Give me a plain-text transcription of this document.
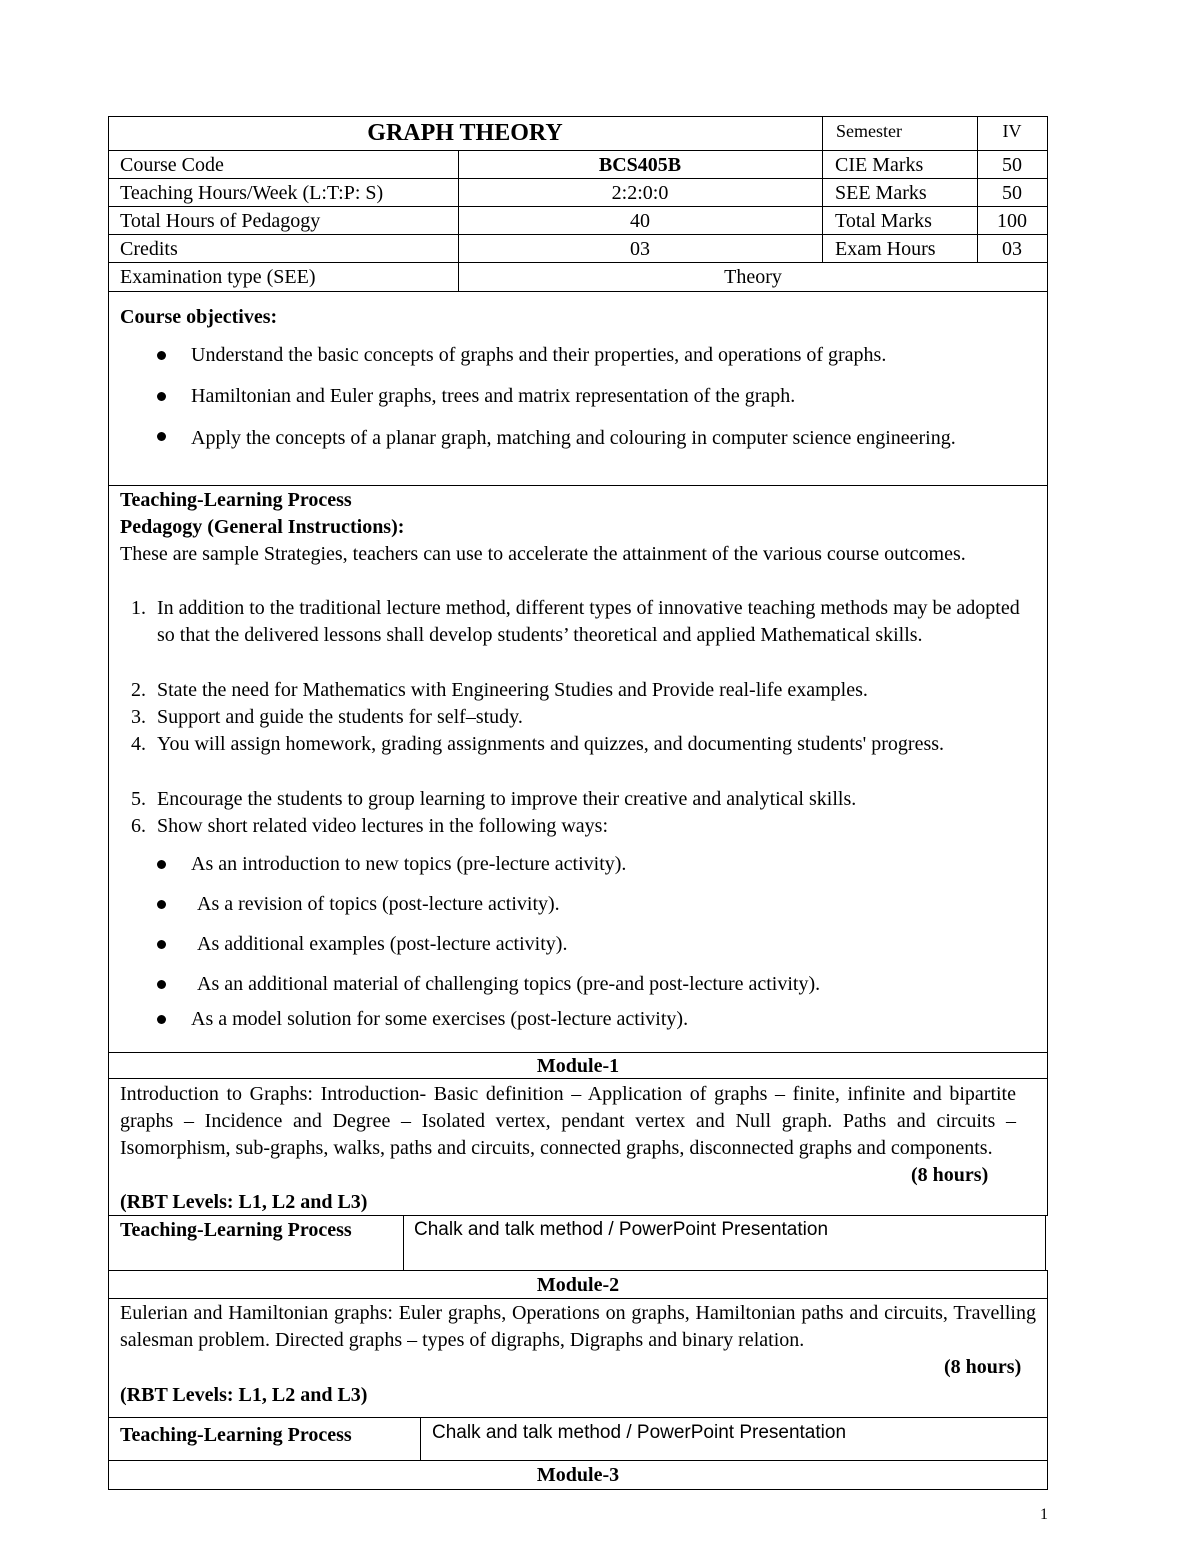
GRAPH THEORY	Semester	IV
Course Code	BCS405B	CIE Marks	50
Teaching Hours/Week (L:T:P: S)	2:2:0:0	SEE Marks	50
Total Hours of Pedagogy	40	Total Marks	100
Credits	03	Exam Hours	03
Examination type (SEE)	Theory
Course objectives:
Understand the basic concepts of graphs and their properties, and operations of graphs.
Hamiltonian and Euler graphs, trees and matrix representation of the graph.
Apply the concepts of a planar graph, matching and colouring in computer science engineering.
Teaching-Learning Process
Pedagogy (General Instructions):
These are sample Strategies, teachers can use to accelerate the attainment of the various course outcomes.
1. In addition to the traditional lecture method, different types of innovative teaching methods may be adopted so that the delivered lessons shall develop students’ theoretical and applied Mathematical skills.
2. State the need for Mathematics with Engineering Studies and Provide real-life examples.
3. Support and guide the students for self–study.
4. You will assign homework, grading assignments and quizzes, and documenting students' progress.
5. Encourage the students to group learning to improve their creative and analytical skills.
6. Show short related video lectures in the following ways:
As an introduction to new topics (pre-lecture activity).
As a revision of topics (post-lecture activity).
As additional examples (post-lecture activity).
As an additional material of challenging topics (pre-and post-lecture activity).
As a model solution for some exercises (post-lecture activity).
Module-1
Introduction to Graphs: Introduction- Basic definition – Application of graphs – finite, infinite and bipartite graphs – Incidence and Degree – Isolated vertex, pendant vertex and Null graph. Paths and circuits – Isomorphism, sub-graphs, walks, paths and circuits, connected graphs, disconnected graphs and components.
(8 hours)
(RBT Levels: L1, L2 and L3)
Teaching-Learning Process	Chalk and talk method / PowerPoint Presentation
Module-2
Eulerian and Hamiltonian graphs: Euler graphs, Operations on graphs, Hamiltonian paths and circuits, Travelling salesman problem. Directed graphs – types of digraphs, Digraphs and binary relation.
(8 hours)
(RBT Levels: L1, L2 and L3)
Teaching-Learning Process	Chalk and talk method / PowerPoint Presentation
Module-3
1
